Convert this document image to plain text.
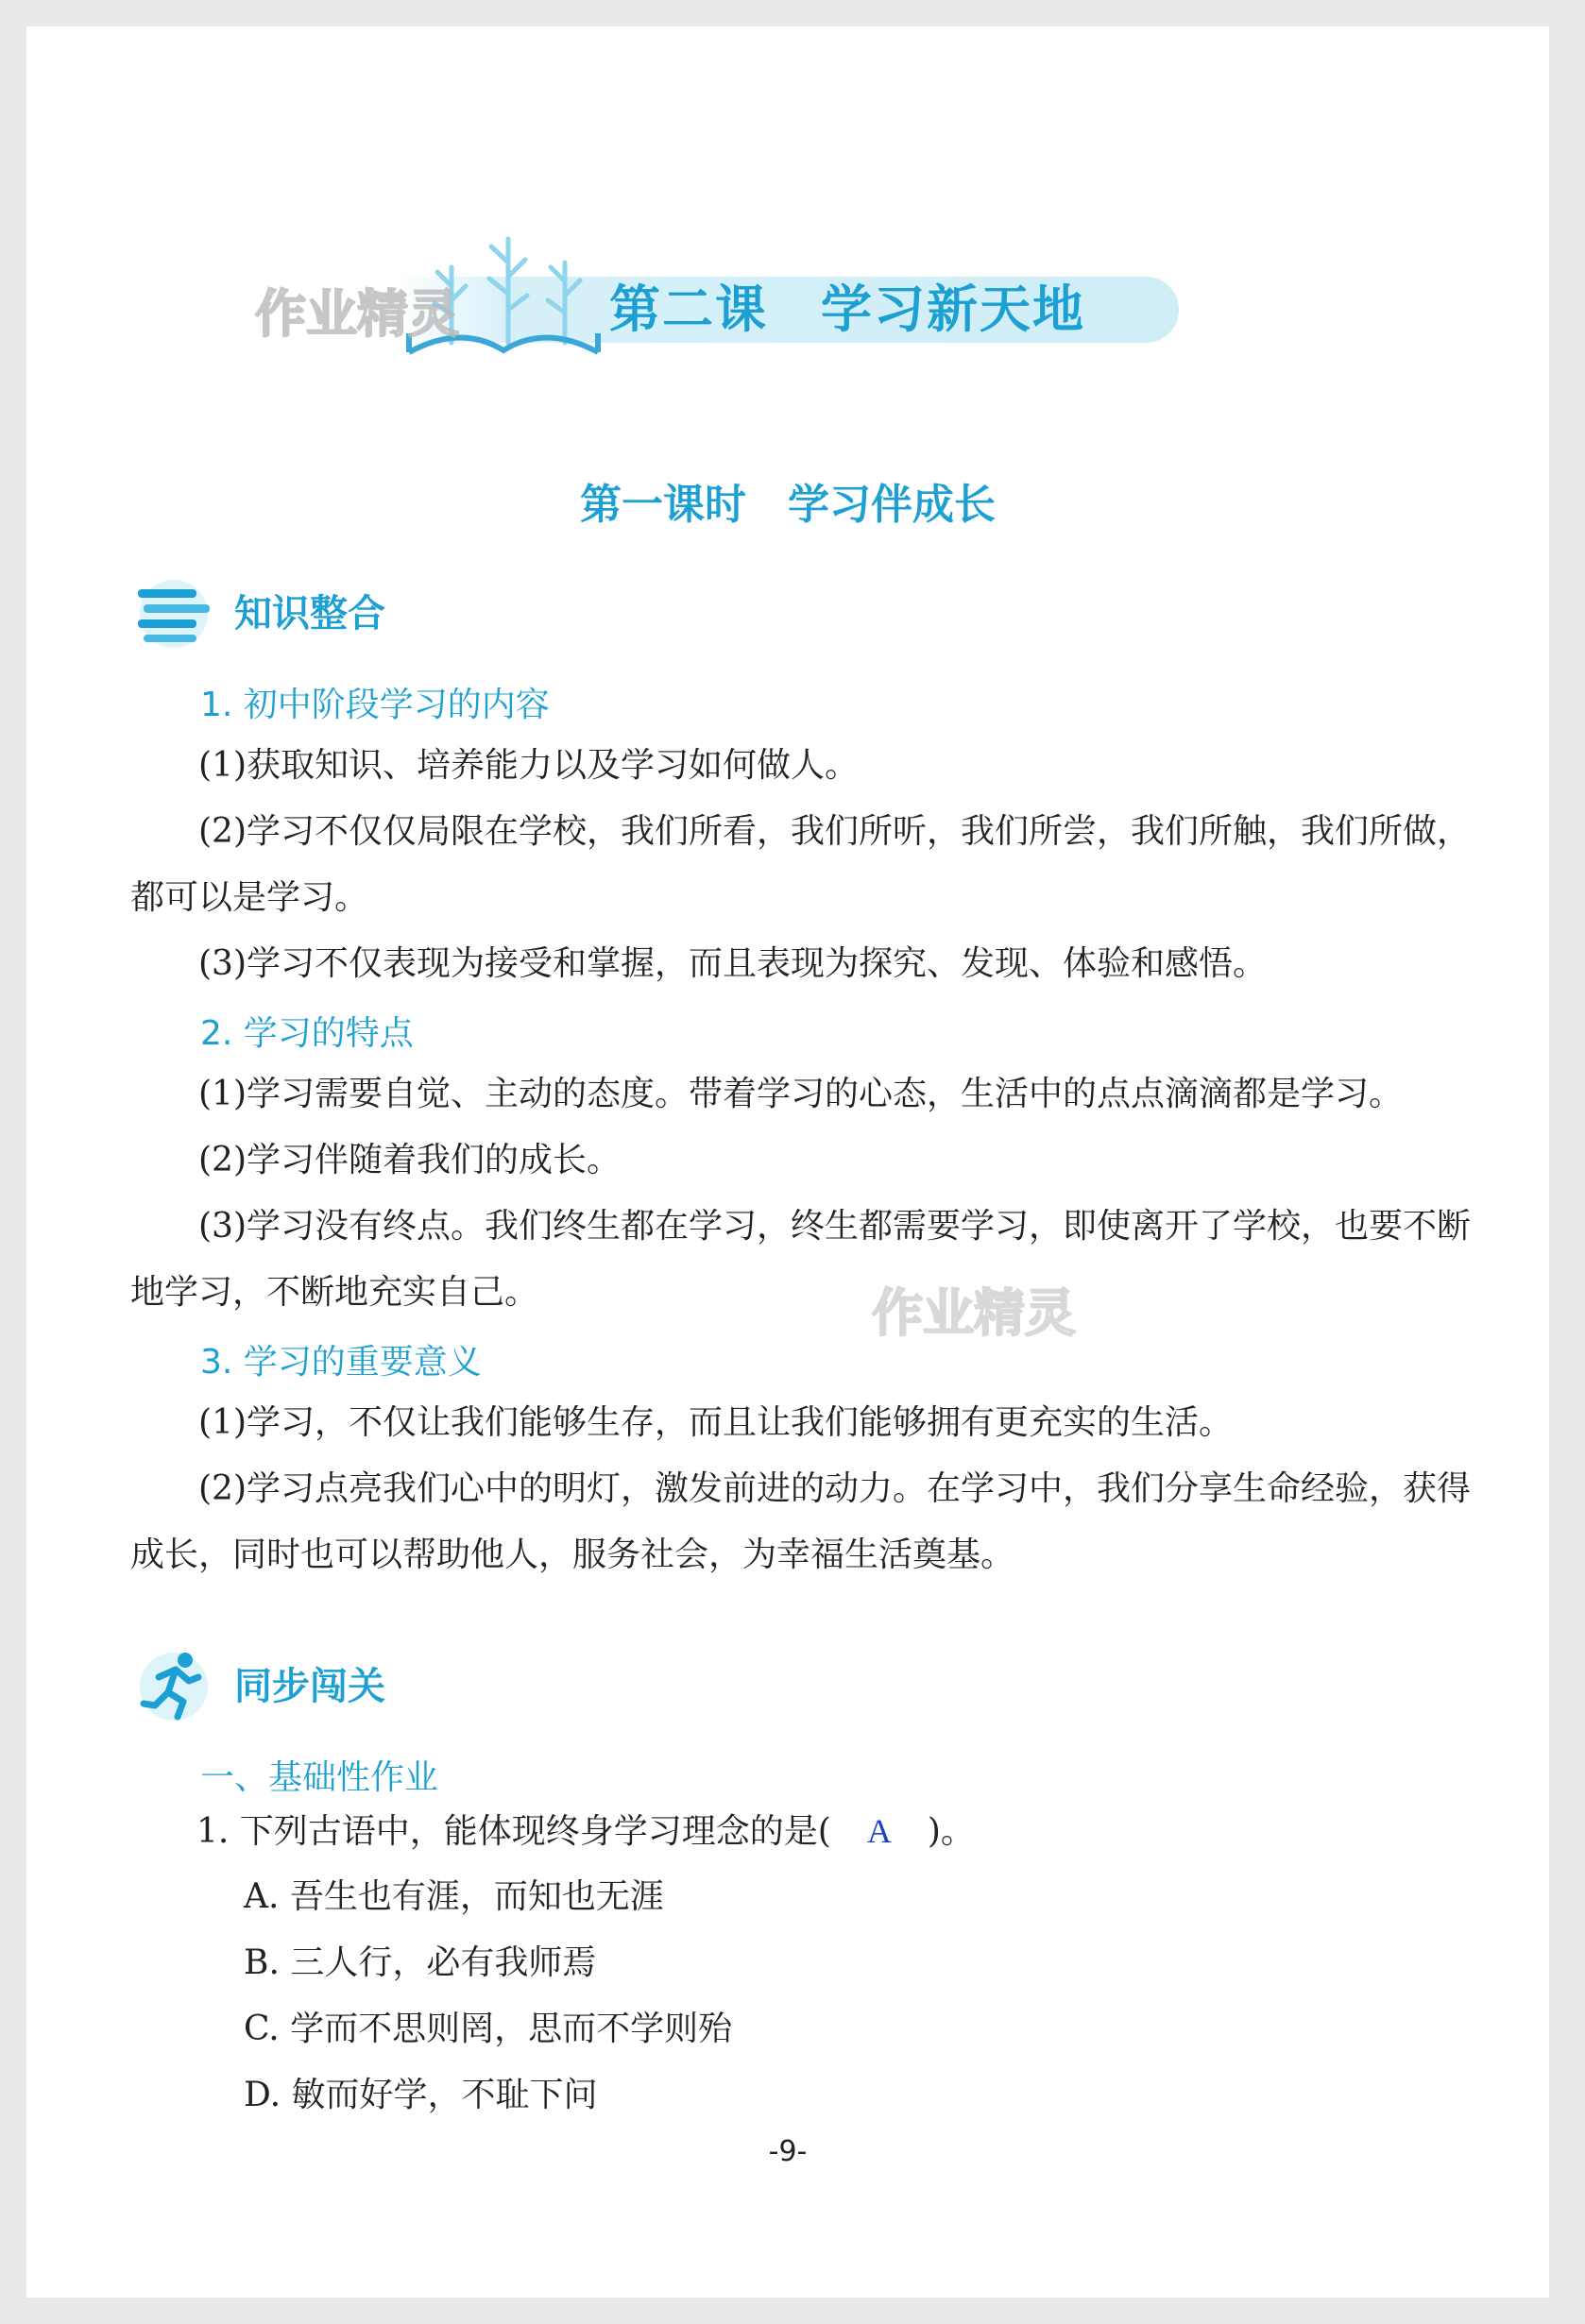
作业精灵	第二课　学习新天地
第一课时　学习伴成长
知识整合
1. 初中阶段学习的内容

(1)获取知识、培养能力以及学习如何做人。

(2)学习不仅仅局限在学校，我们所看，我们所听，我们所尝，我们所触，我们所做，都可以是学习。

(3)学习不仅表现为接受和掌握，而且表现为探究、发现、体验和感悟。

2. 学习的特点

(1)学习需要自觉、主动的态度。带着学习的心态，生活中的点点滴滴都是学习。

(2)学习伴随着我们的成长。

(3)学习没有终点。我们终生都在学习，终生都需要学习，即使离开了学校，也要不断地学习，不断地充实自己。	作业精灵
3. 学习的重要意义

(1)学习，不仅让我们能够生存，而且让我们能够拥有更充实的生活。

(2)学习点亮我们心中的明灯，激发前进的动力。在学习中，我们分享生命经验，获得成长，同时也可以帮助他人，服务社会，为幸福生活奠基。

同步闯关
一、基础性作业
1. 下列古语中，能体现终身学习理念的是( A )。
A. 吾生也有涯，而知也无涯
B. 三人行，必有我师焉
C. 学而不思则罔，思而不学则殆
D. 敏而好学，不耻下问
-9-
